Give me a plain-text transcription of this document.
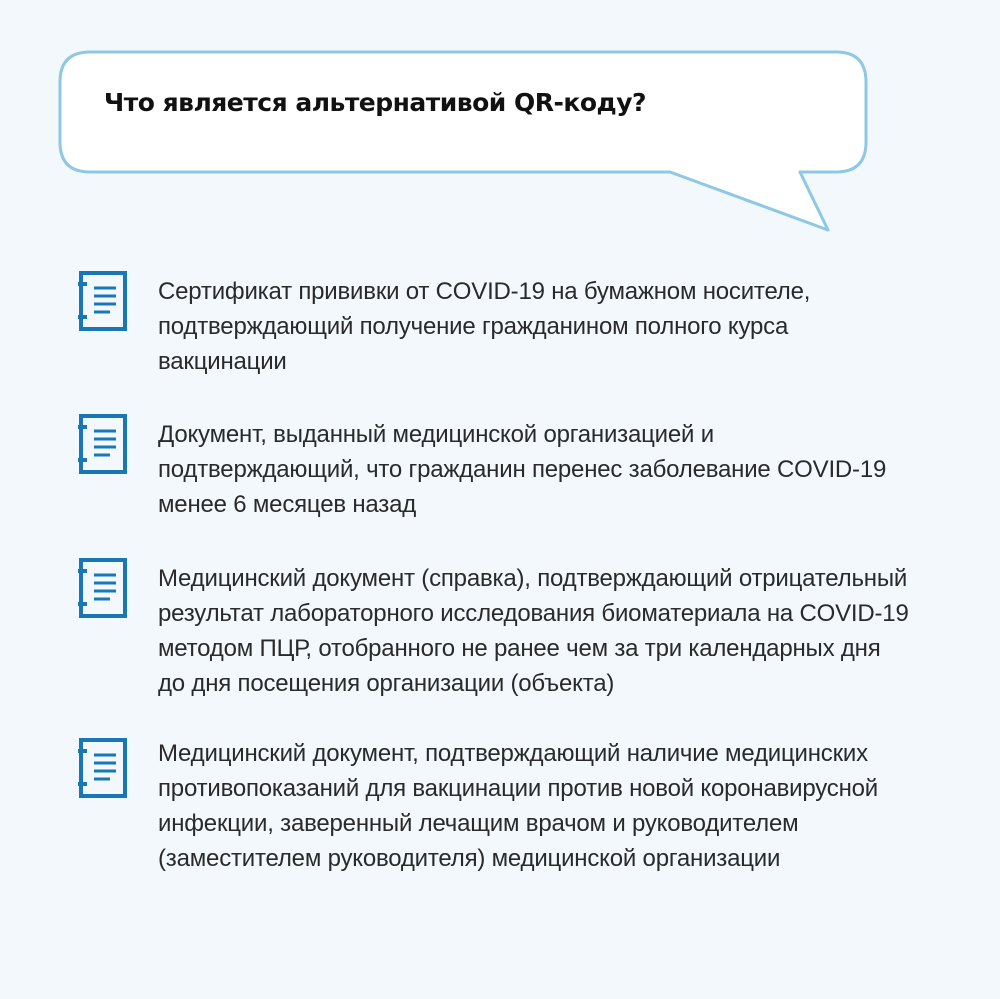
Что является альтернативой QR-коду?
Сертификат прививки от COVID-19 на бумажном носителе,
подтверждающий получение гражданином полного курса
вакцинации
Документ, выданный медицинской организацией и
подтверждающий, что гражданин перенес заболевание COVID-19
менее 6 месяцев назад
Медицинский документ (справка), подтверждающий отрицательный
результат лабораторного исследования биоматериала на COVID-19
методом ПЦР, отобранного не ранее чем за три календарных дня
до дня посещения организации (объекта)
Медицинский документ, подтверждающий наличие медицинских
противопоказаний для вакцинации против новой коронавирусной
инфекции, заверенный лечащим врачом и руководителем
(заместителем руководителя) медицинской организации
